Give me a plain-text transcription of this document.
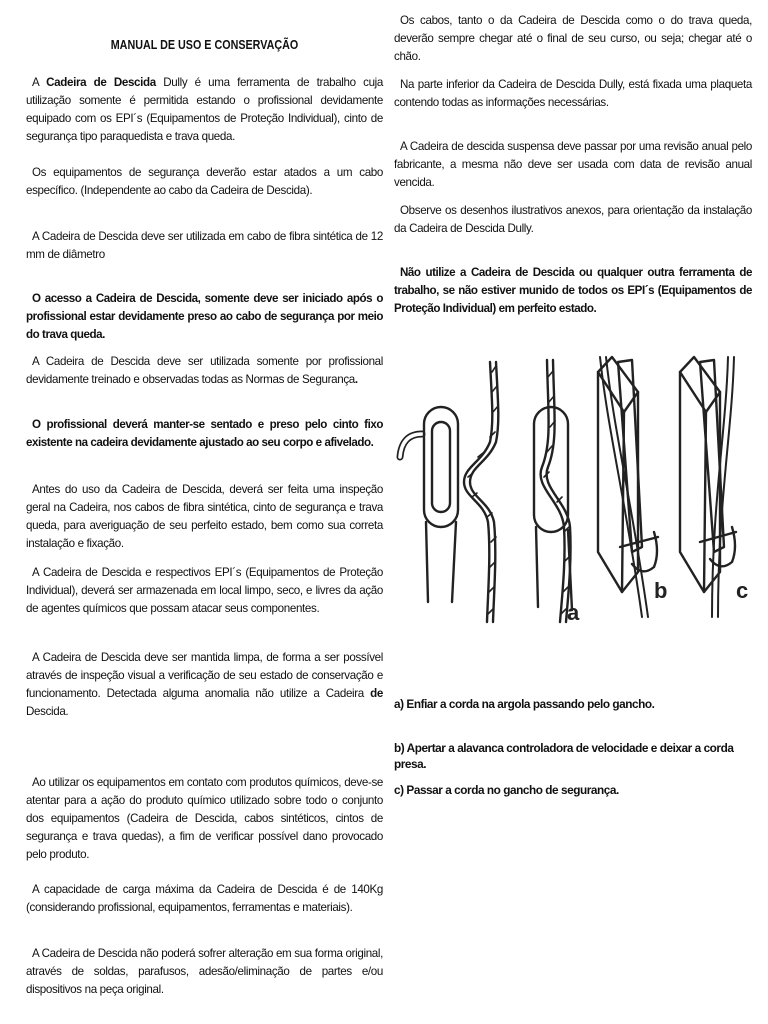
MANUAL DE USO E CONSERVAÇÃO

A Cadeira de Descida Dully é uma ferramenta de trabalho cuja utilização somente é permitida estando o profissional devidamente equipado com os EPI´s (Equipamentos de Proteção Individual), cinto de segurança tipo paraquedista e trava queda.

Os equipamentos de segurança deverão estar atados a um cabo específico. (Independente ao cabo da Cadeira de Descida).

A Cadeira de Descida deve ser utilizada em cabo de fibra sintética de 12 mm de diâmetro

O acesso a Cadeira de Descida, somente deve ser iniciado após o profissional estar devidamente preso ao cabo de segurança por meio do trava queda.

A Cadeira de Descida deve ser utilizada somente por profissional devidamente treinado e observadas todas as Normas de Segurança.

O profissional deverá manter-se sentado e preso pelo cinto fixo existente na cadeira devidamente ajustado ao seu corpo e afivelado.

Antes do uso da Cadeira de Descida, deverá ser feita uma inspeção geral na Cadeira, nos cabos de fibra sintética, cinto de segurança e trava queda, para averiguação de seu perfeito estado, bem como sua correta instalação e fixação.

A Cadeira de Descida e respectivos EPI´s (Equipamentos de Proteção Individual), deverá ser armazenada em local limpo, seco, e livres da ação de agentes químicos que possam atacar seus componentes.

A Cadeira de Descida deve ser mantida limpa, de forma a ser possível através de inspeção visual a verificação de seu estado de conservação e funcionamento. Detectada alguma anomalia não utilize a Cadeira de Descida.

Ao utilizar os equipamentos em contato com produtos químicos, deve-se atentar para a ação do produto químico utilizado sobre todo o conjunto dos equipamentos (Cadeira de Descida, cabos sintéticos, cintos de segurança e trava quedas), a fim de verificar possível dano provocado pelo produto.

A capacidade de carga máxima da Cadeira de Descida é de 140Kg (considerando profissional, equipamentos, ferramentas e materiais).

A Cadeira de Descida não poderá sofrer alteração em sua forma original, através de soldas, parafusos, adesão/eliminação de partes e/ou dispositivos na peça original.

Os cabos, tanto o da Cadeira de Descida como o do trava queda, deverão sempre chegar até o final de seu curso, ou seja; chegar até o chão.

Na parte inferior da Cadeira de Descida Dully, está fixada uma plaqueta contendo todas as informações necessárias.

A Cadeira de descida suspensa deve passar por uma revisão anual pelo fabricante, a mesma não deve ser usada com data de revisão anual vencida.

Observe os desenhos ilustrativos anexos, para orientação da instalação da Cadeira de Descida Dully.

Não utilize a Cadeira de Descida ou qualquer outra ferramenta de trabalho, se não estiver munido de todos os EPI´s (Equipamentos de Proteção Individual) em perfeito estado.

a) Enfiar a corda na argola passando pelo gancho.

b) Apertar a alavanca controladora de velocidade e deixar a corda presa.

c) Passar a corda no gancho de segurança.

a
b	c
